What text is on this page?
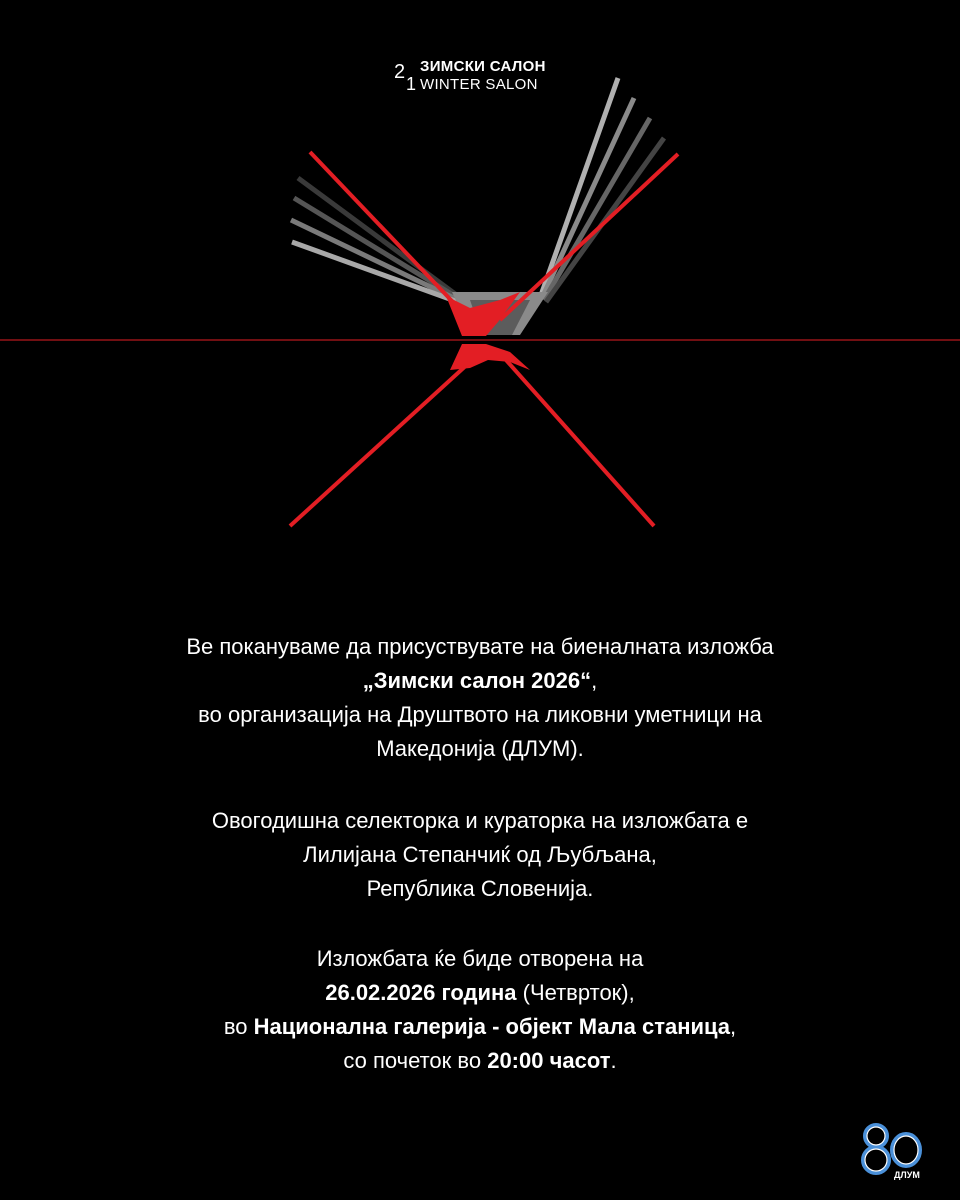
2
1
ЗИМСКИ САЛОН
WINTER SALON
Ве покануваме да присуствувате на биеналната изложба
„Зимски салон 2026“,
во организација на Друштвото на ликовни уметници на
Македонија (ДЛУМ).
Овогодишна селекторка и кураторка на изложбата е
Лилијана Степанчиќ од Љубљана,
Република Словенија.
Изложбата ќе биде отворена на
26.02.2026 година (Четврток),
во Национална галерија - објект Мала станица,
со почеток во 20:00 часот.
ДЛУМ
